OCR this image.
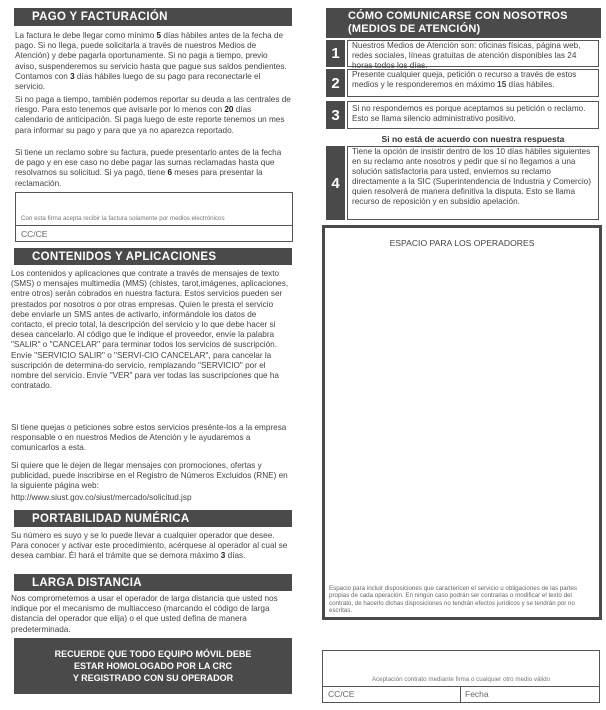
PAGO Y FACTURACIÓN
La factura le debe llegar como mínimo 5 días hábiles antes de la fecha de pago. Si no llega, puede solicitarla a través de nuestros Medios de Atención) y debe pagarla oportunamente. Si no paga a tiempo, previo aviso, suspenderemos su servicio hasta que pague sus saldos pendientes. Contamos con 3 días hábiles luego de su pago para reconectarle el servicio.
Si no paga a tiempo, también podemos reportar su deuda a las centrales de riesgo. Para esto tenemos que avisarle por lo menos con 20 días calendario de anticipación. Si paga luego de este reporte tenemos un mes para informar su pago y para que ya no aparezca reportado.
Si tiene un reclamo sobre su factura, puede presentarlo antes de la fecha de pago y en ese caso no debe pagar las sumas reclamadas hasta que resolvamos su solicitud. Si ya pagó, tiene 6 meses para presentar la reclamación.
Con esta firma acepta recibir la factura solamente por medios electrónicos
CC/CE
CONTENIDOS Y APLICACIONES
Los contenidos y aplicaciones que contrate a través de mensajes de texto (SMS) o mensajes multimedia (MMS) (chistes, tarot,imágenes, aplicaciones, entre otros) serán cobrados en nuestra factura. Estos servicios pueden ser prestados por nosotros o por otras empresas. Quien le presta el servicio debe enviarle un SMS antes de activarlo, informándole los datos de contacto, el precio total, la descripción del servicio y lo que debe hacer si desea cancelarlo. Al código que le indique el proveedor, envíe la palabra "SALIR" o "CANCELAR" para terminar todos los servicios de suscripción. Envíe "SERVICIO SALIR" o "SERVI-CIO CANCELAR", para cancelar la suscripción de determina-do servicio, remplazando "SERVICIO" por el nombre del servicio. Envíe "VER" para ver todas las suscripciones que ha contratado.
Si tiene quejas o peticiones sobre estos servicios presénte-los a la empresa responsable o en nuestros Medios de Atención y le ayudaremos a comunicarlos a esta.
Si quiere que le dejen de llegar mensajes con promociones, ofertas y publicidad, puede inscribirse en el Registro de Números Excluidos (RNE) en la siguiente página web:
http://www.siust.gov.co/siust/mercado/solicitud.jsp
PORTABILIDAD NUMÉRICA
Su número es suyo y se lo puede llevar a cualquier operador que desee. Para conocer y activar este procedimiento, acérquese al operador al cual se desea cambiar. Él hará el trámite que se demora máximo 3 días.
LARGA DISTANCIA
Nos comprometemos a usar el operador de larga distancia que usted nos indique por el mecanismo de multiacceso (marcando el código de larga distancia del operador que elija) o el que usted defina de manera predeterminada.
RECUERDE QUE TODO EQUIPO MÓVIL DEBE
ESTAR HOMOLOGADO POR LA CRC
Y REGISTRADO CON SU OPERADOR
CÓMO COMUNICARSE CON NOSOTROS
(MEDIOS DE ATENCIÓN)
1	Nuestros Medios de Atención son: oficinas físicas, página web, redes sociales, líneas gratuitas de atención disponibles las 24 horas todos los días.
2	Presente cualquier queja, petición o recurso a través de estos medios y le responderemos en máximo 15 días hábiles.
3	Si no respondemos es porque aceptamos su petición o reclamo. Esto se llama silencio administrativo positivo.
Si no está de acuerdo con nuestra respuesta
4
Tiene la opción de insistir dentro de los 10 días hábiles siguientes en su reclamo ante nosotros y pedir que si no llegamos a una solución satisfactoria para usted, enviemos su reclamo directamente a la SIC (Superintendencia de Industria y Comercio) quien resolverá de manera definitiva la disputa. Esto se llama recurso de reposición y en subsidio apelación.
ESPACIO PARA LOS OPERADORES
Espacio para incluir disposiciones que caractericen el servicio u obligaciones de las partes propias de cada operación. En ningún caso podrán ser contrarias o modificar el texto del contrato, de hacerlo dichas disposiciones no tendrán efectos jurídicos y se tendrán por no escritas.
Aceptación contrato mediante firma o cualquier otro medio válido
CC/CE	Fecha
